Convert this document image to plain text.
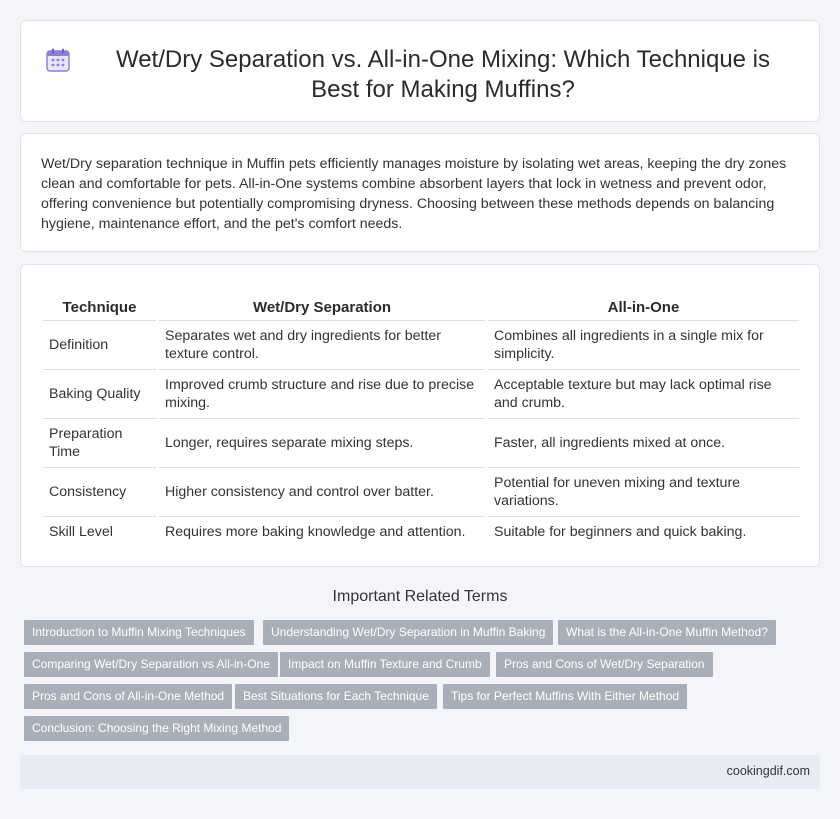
Wet/Dry Separation vs. All-in-One Mixing: Which Technique is Best for Making Muffins?

Wet/Dry separation technique in Muffin pets efficiently manages moisture by isolating wet areas, keeping the dry zones clean and comfortable for pets. All-in-One systems combine absorbent layers that lock in wetness and prevent odor, offering convenience but potentially compromising dryness. Choosing between these methods depends on balancing hygiene, maintenance effort, and the pet's comfort needs.

Technique		Wet/Dry Separation		All-in-One
Definition		Separates wet and dry ingredients for better texture control.		Combines all ingredients in a single mix for simplicity.
Baking Quality		Improved crumb structure and rise due to precise mixing.		Acceptable texture but may lack optimal rise and crumb.
Preparation Time		Longer, requires separate mixing steps.		Faster, all ingredients mixed at once.
Consistency		Higher consistency and control over batter.		Potential for uneven mixing and texture variations.
Skill Level		Requires more baking knowledge and attention.		Suitable for beginners and quick baking.
Important Related Terms
Introduction to Muffin Mixing Techniques	Understanding Wet/Dry Separation in Muffin Baking	What is the All-in-One Muffin Method?
Comparing Wet/Dry Separation vs All-in-One	Impact on Muffin Texture and Crumb	Pros and Cons of Wet/Dry Separation
Pros and Cons of All-in-One Method	Best Situations for Each Technique	Tips for Perfect Muffins With Either Method
Conclusion: Choosing the Right Mixing Method
cookingdif.com
